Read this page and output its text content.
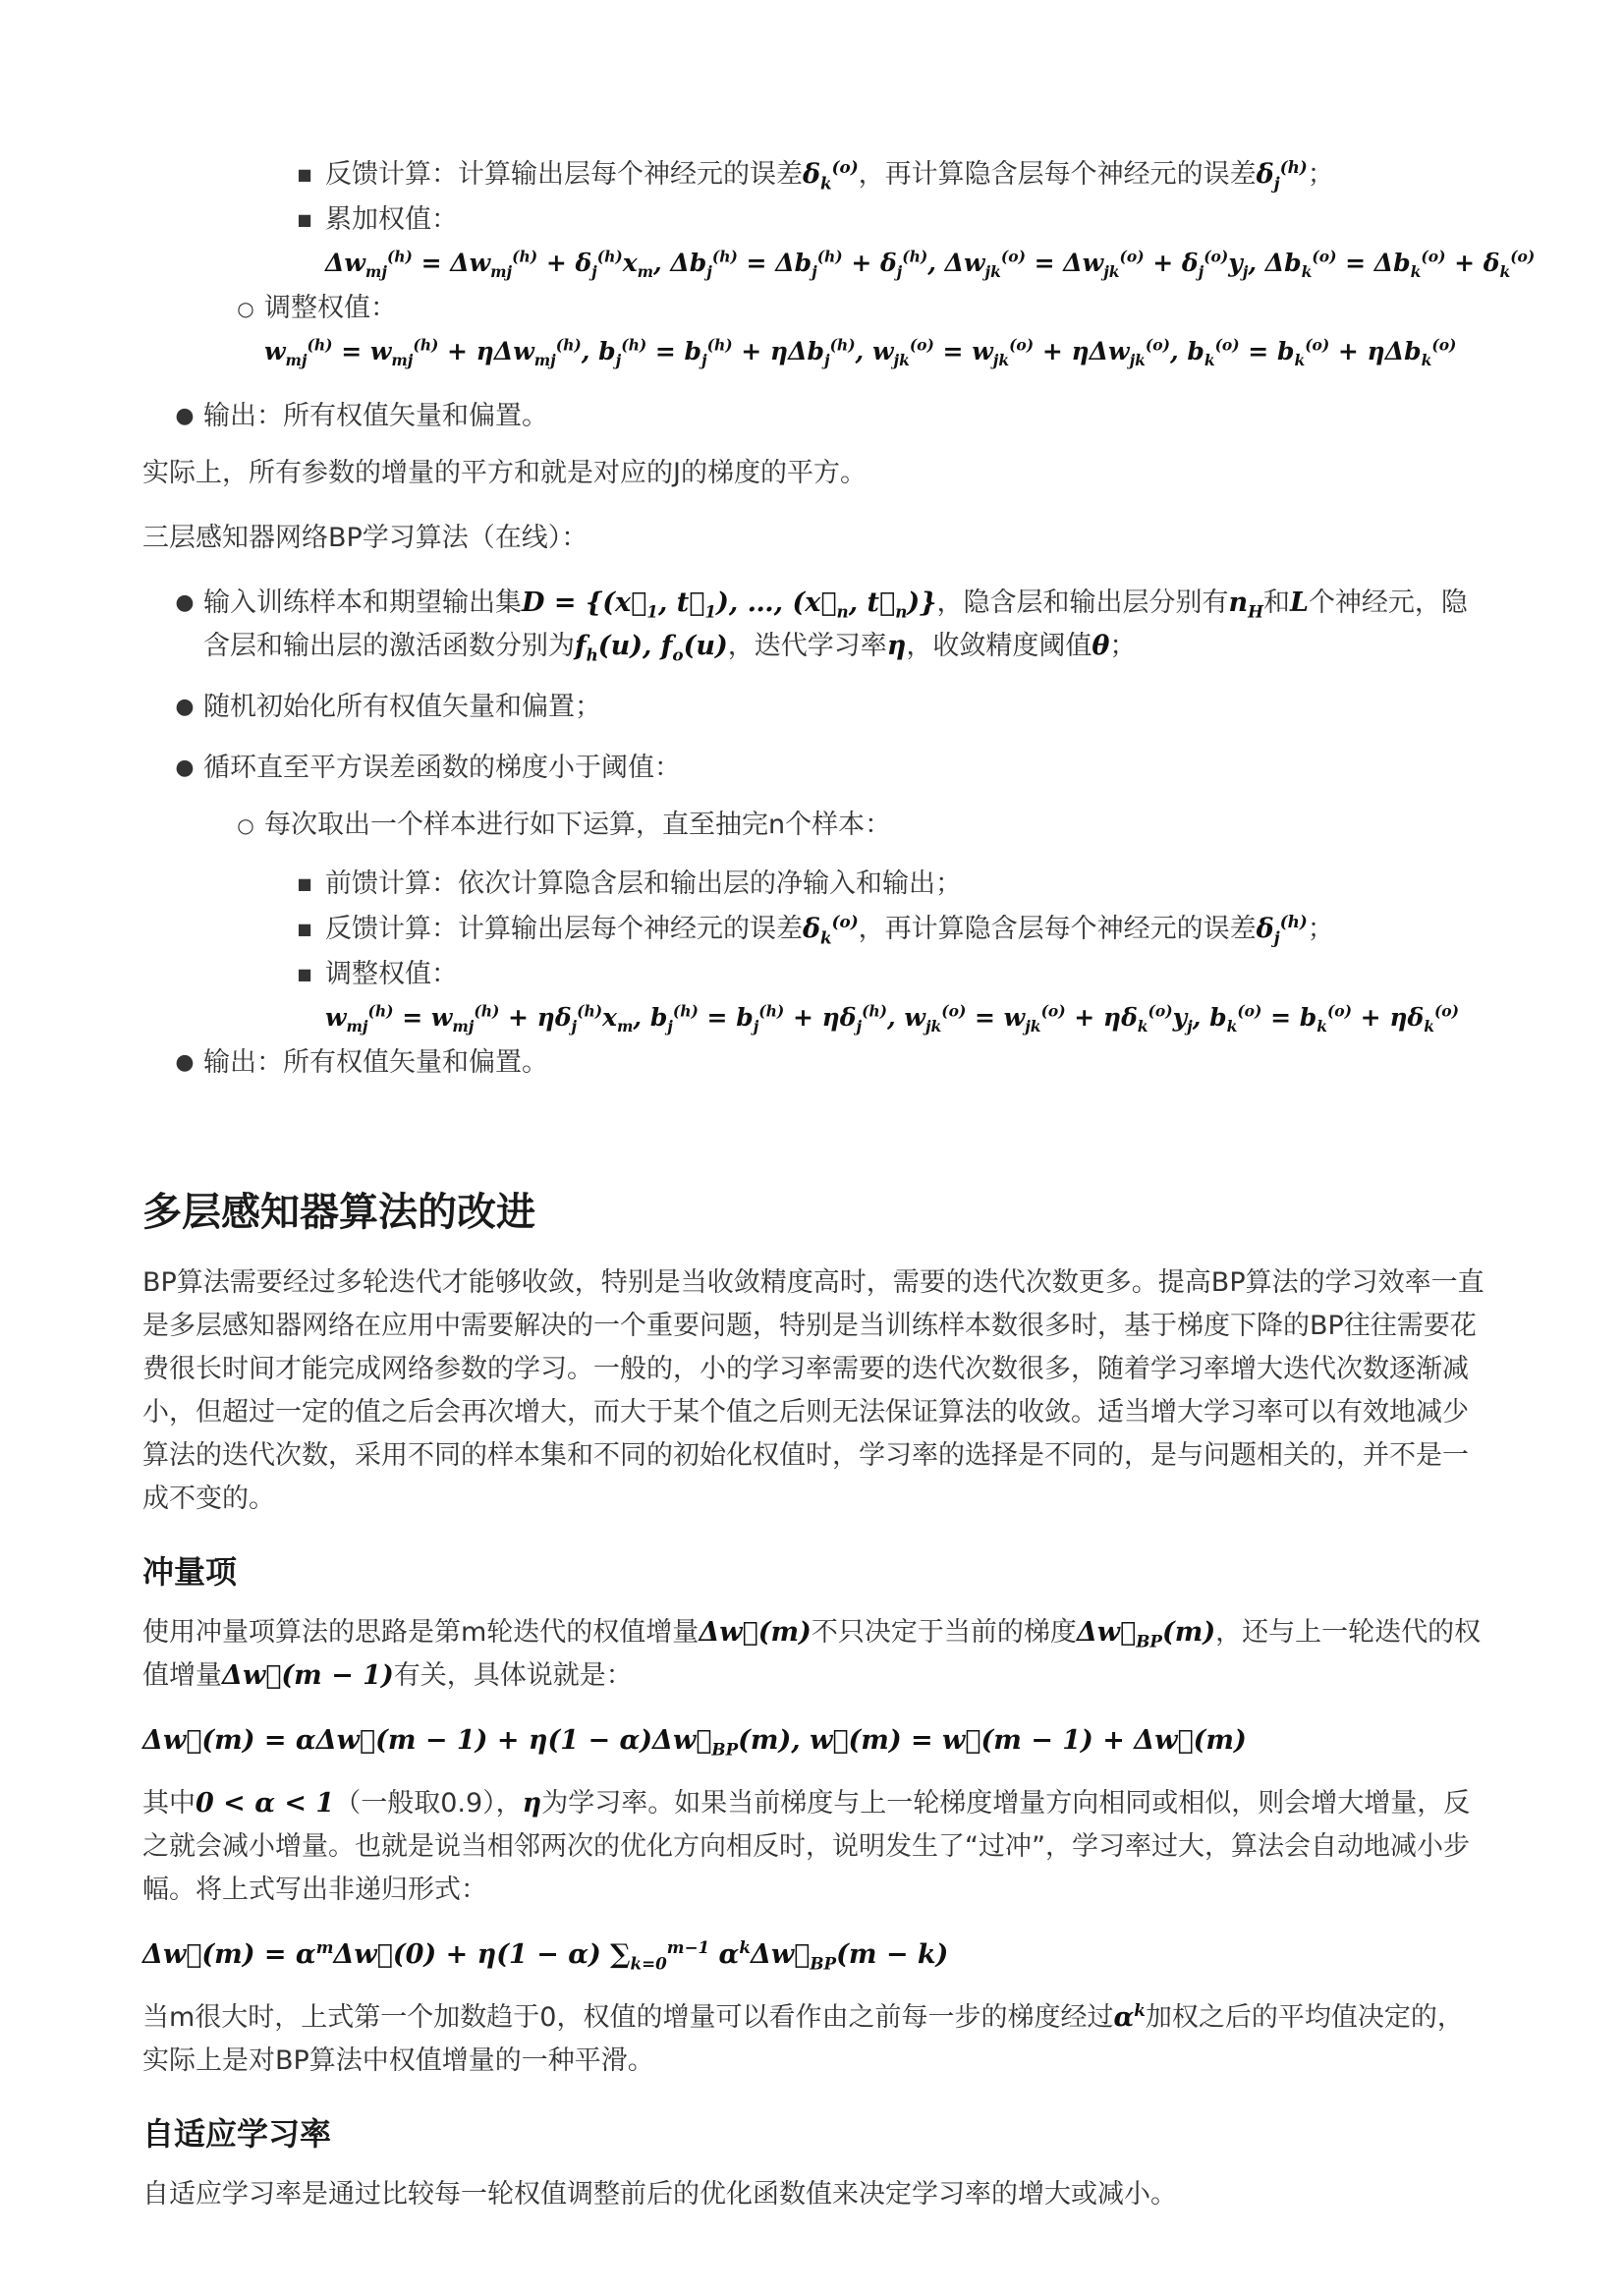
■ 反馈计算：计算输出层每个神经元的误差$\delta_k^{(o)}$，再计算隐含层每个神经元的误差$\delta_j^{(h)}$；
■ 累加权值：
$\Delta w_{mj}^{(h)} = \Delta w_{mj}^{(h)} + \delta_j^{(h)}x_m$, $\Delta b_j^{(h)} = \Delta b_j^{(h)} + \delta_j^{(h)}$, $\Delta w_{jk}^{(o)} = \Delta w_{jk}^{(o)} + \delta_j^{(o)}y_j$, $\Delta b_k^{(o)} = \Delta b_k^{(o)} + \delta_k^{(o)}$
○ 调整权值：$w_{mj}^{(h)} = w_{mj}^{(h)} + \eta\Delta w_{mj}^{(h)}$, $b_j^{(h)} = b_j^{(h)} + \eta\Delta b_j^{(h)}$, $w_{jk}^{(o)} = w_{jk}^{(o)} + \eta\Delta w_{jk}^{(o)}$, $b_k^{(o)} = b_k^{(o)} + \eta\Delta b_k^{(o)}$
● 输出：所有权值矢量和偏置。

实际上，所有参数的增量的平方和就是对应的J的梯度的平方。

三层感知器网络BP学习算法（在线）：

● 输入训练样本和期望输出集$D = \{(x⃗_1$, $t⃗_1$), …, ($x⃗_n$, $t⃗_n$)}，隐含层和输出层分别有$n_H$和L个神经元，隐含层和输出层的激活函数分别为$f_h(u)$, $f_o(u)$，迭代学习率η，收敛精度阈值θ；
● 随机初始化所有权值矢量和偏置；
● 循环直至平方误差函数的梯度小于阈值：
○ 每次取出一个样本进行如下运算，直至抽完n个样本：
■ 前馈计算：依次计算隐含层和输出层的净输入和输出；
■ 反馈计算：计算输出层每个神经元的误差$\delta_k^{(o)}$，再计算隐含层每个神经元的误差$\delta_j^{(h)}$；
■ 调整权值：
$w_{mj}^{(h)} = w_{mj}^{(h)} + \eta\delta_j^{(h)}x_m$, $b_j^{(h)} = b_j^{(h)} + \eta\delta_j^{(h)}$, $w_{jk}^{(o)} = w_{jk}^{(o)} + \eta\delta_k^{(o)}y_j$, $b_k^{(o)} = b_k^{(o)} + \eta\delta_k^{(o)}$
● 输出：所有权值矢量和偏置。
多层感知器算法的改进

BP算法需要经过多轮迭代才能够收敛，特别是当收敛精度高时，需要的迭代次数更多。提高BP算法的学习效率一直是多层感知器网络在应用中需要解决的一个重要问题，特别是当训练样本数很多时，基于梯度下降的BP往往需要花费很长时间才能完成网络参数的学习。一般的，小的学习率需要的迭代次数很多，随着学习率增大迭代次数逐渐减小，但超过一定的值之后会再次增大，而大于某个值之后则无法保证算法的收敛。适当增大学习率可以有效地减少算法的迭代次数，采用不同的样本集和不同的初始化权值时，学习率的选择是不同的，是与问题相关的，并不是一成不变的。

冲量项

使用冲量项算法的思路是第m轮迭代的权值增量Δw⃗(m)不只决定于当前的梯度$\Delta w⃗_{BP}(m)$，还与上一轮迭代的权值增量Δw⃗(m − 1)有关，具体说就是：

Δw⃗(m) = αΔw⃗(m − $1) + \eta(1 - \alpha)\Delta w⃗_{BP}(m)$, w⃗(m) = w⃗(m − 1) + Δw⃗(m)

其中0 < α < 1（一般取0.9），η为学习率。如果当前梯度与上一轮梯度增量方向相同或相似，则会增大增量，反之就会减小增量。也就是说当相邻两次的优化方向相反时，说明发生了“过冲”，学习率过大，算法会自动地减小步幅。将上式写出非递归形式：

Δw⃗(m) = $\alpha^m\Delta w⃗(0) + \eta(1 - \alpha)$ $\sum_{k=0}^{m-1}$ $\alpha^k\Delta w⃗_{BP}(m - k)$

当m很大时，上式第一个加数趋于0，权值的增量可以看作由之前每一步的梯度经过$\alpha^k$加权之后的平均值决定的，实际上是对BP算法中权值增量的一种平滑。

自适应学习率

自适应学习率是通过比较每一轮权值调整前后的优化函数值来决定学习率的增大或减小。
